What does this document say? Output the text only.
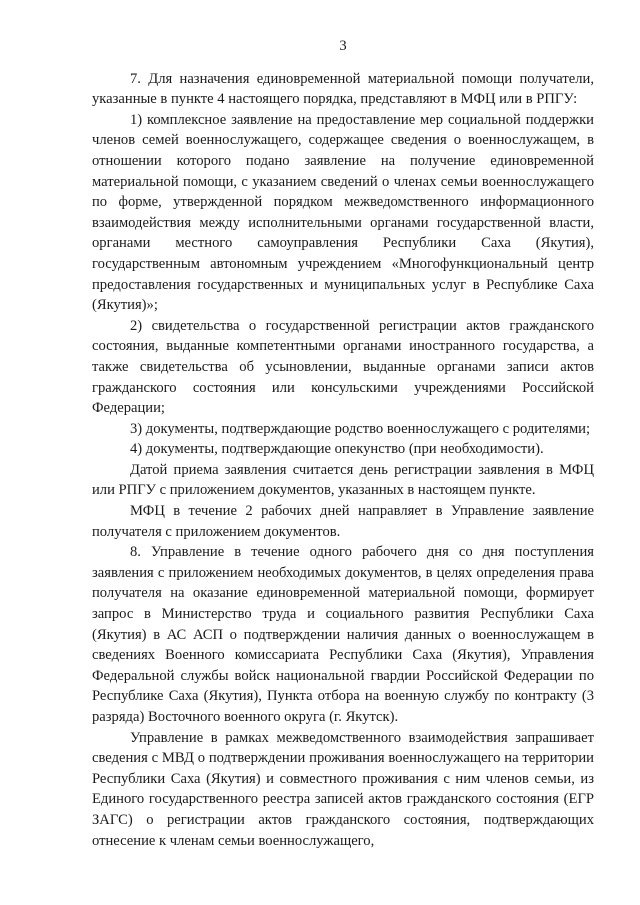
3

7. Для назначения единовременной материальной помощи получатели, указанные в пункте 4 настоящего порядка, представляют в МФЦ или в РПГУ:

1) комплексное заявление на предоставление мер социальной поддержки членов семей военнослужащего, содержащее сведения о военнослужащем, в отношении которого подано заявление на получение единовременной материальной помощи, с указанием сведений о членах семьи военнослужащего по форме, утвержденной порядком межведомственного информационного взаимодействия между исполнительными органами государственной власти, органами местного самоуправления Республики Саха (Якутия), государственным автономным учреждением «Многофункциональный центр предоставления государственных и муниципальных услуг в Республике Саха (Якутия)»;

2) свидетельства о государственной регистрации актов гражданского состояния, выданные компетентными органами иностранного государства, а также свидетельства об усыновлении, выданные органами записи актов гражданского состояния или консульскими учреждениями Российской Федерации;

3) документы, подтверждающие родство военнослужащего с родителями;

4) документы, подтверждающие опекунство (при необходимости).

Датой приема заявления считается день регистрации заявления в МФЦ или РПГУ с приложением документов, указанных в настоящем пункте.

МФЦ в течение 2 рабочих дней направляет в Управление заявление получателя с приложением документов.

8. Управление в течение одного рабочего дня со дня поступления заявления с приложением необходимых документов, в целях определения права получателя на оказание единовременной материальной помощи, формирует запрос в Министерство труда и социального развития Республики Саха (Якутия) в АС АСП о подтверждении наличия данных о военнослужащем в сведениях Военного комиссариата Республики Саха (Якутия), Управления Федеральной службы войск национальной гвардии Российской Федерации по Республике Саха (Якутия), Пункта отбора на военную службу по контракту (3 разряда) Восточного военного округа (г. Якутск).

Управление в рамках межведомственного взаимодействия запрашивает сведения с МВД о подтверждении проживания военнослужащего на территории Республики Саха (Якутия) и совместного проживания с ним членов семьи, из Единого государственного реестра записей актов гражданского состояния (ЕГР ЗАГС) о регистрации актов гражданского состояния, подтверждающих отнесение к членам семьи военнослужащего,
